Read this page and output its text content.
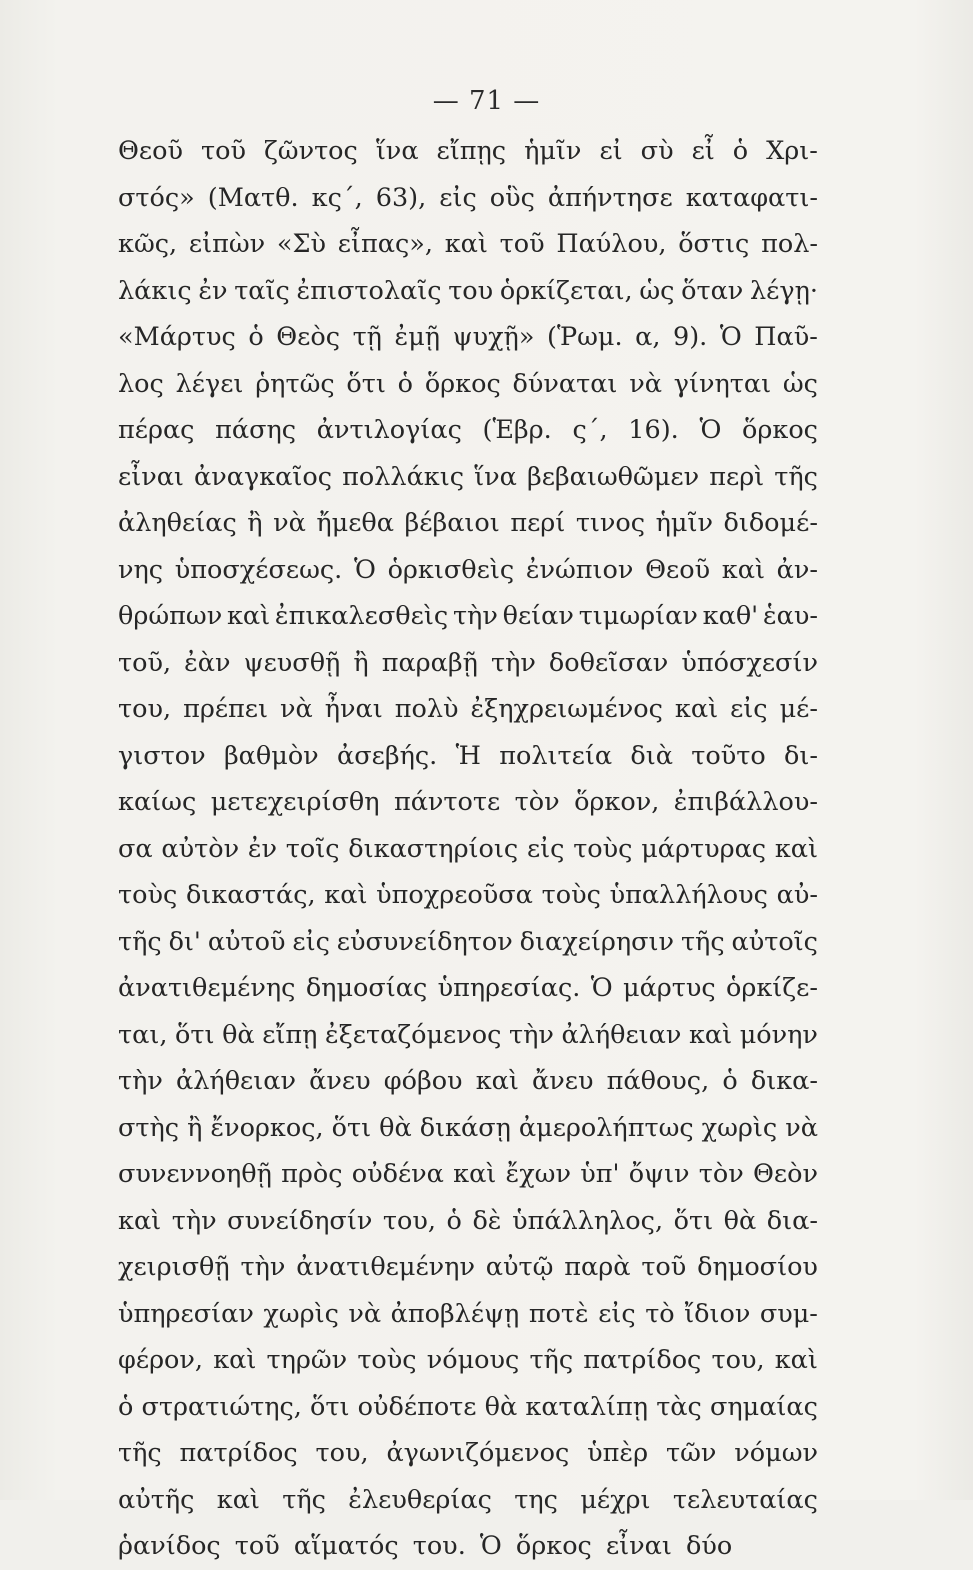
— 71 —
Θεοῦ τοῦ ζῶντος ἵνα εἴπῃς ἡμῖν εἰ σὺ εἶ ὁ Χρι-
στός» (Ματθ. κς΄, 63), εἰς οὓς ἀπήντησε καταφατι-
κῶς, εἰπὼν «Σὺ εἶπας», καὶ τοῦ Παύλου, ὅστις πολ-
λάκις ἐν ταῖς ἐπιστολαῖς του ὁρκίζεται, ὡς ὅταν λέγῃ·
«Μάρτυς ὁ Θεὸς τῇ ἐμῇ ψυχῇ» (Ῥωμ. α, 9). Ὁ Παῦ-
λος λέγει ῥητῶς ὅτι ὁ ὅρκος δύναται νὰ γίνηται ὡς
πέρας πάσης ἀντιλογίας (Ἑβρ. ς΄, 16). Ὁ ὅρκος
εἶναι ἀναγκαῖος πολλάκις ἵνα βεβαιωθῶμεν περὶ τῆς
ἀληθείας ἢ νὰ ἤμεθα βέβαιοι περί τινος ἡμῖν διδομέ-
νης ὑποσχέσεως. Ὁ ὁρκισθεὶς ἐνώπιον Θεοῦ καὶ ἀν-
θρώπων καὶ ἐπικαλεσθεὶς τὴν θείαν τιμωρίαν καθ' ἑαυ-
τοῦ, ἐὰν ψευσθῇ ἢ παραβῇ τὴν δοθεῖσαν ὑπόσχεσίν
του, πρέπει νὰ ἦναι πολὺ ἐξηχρειωμένος καὶ εἰς μέ-
γιστον βαθμὸν ἀσεβής. Ἡ πολιτεία διὰ τοῦτο δι-
καίως μετεχειρίσθη πάντοτε τὸν ὅρκον, ἐπιβάλλου-
σα αὐτὸν ἐν τοῖς δικαστηρίοις εἰς τοὺς μάρτυρας καὶ
τοὺς δικαστάς, καὶ ὑποχρεοῦσα τοὺς ὑπαλλήλους αὐ-
τῆς δι' αὐτοῦ εἰς εὐσυνείδητον διαχείρησιν τῆς αὐτοῖς
ἀνατιθεμένης δημοσίας ὑπηρεσίας. Ὁ μάρτυς ὁρκίζε-
ται, ὅτι θὰ εἴπῃ ἐξεταζόμενος τὴν ἀλήθειαν καὶ μόνην
τὴν ἀλήθειαν ἄνευ φόβου καὶ ἄνευ πάθους, ὁ δικα-
στὴς ἢ ἔνορκος, ὅτι θὰ δικάσῃ ἀμερολήπτως χωρὶς νὰ
συνεννοηθῇ πρὸς οὐδένα καὶ ἔχων ὑπ' ὄψιν τὸν Θεὸν
καὶ τὴν συνείδησίν του, ὁ δὲ ὑπάλληλος, ὅτι θὰ δια-
χειρισθῇ τὴν ἀνατιθεμένην αὐτῷ παρὰ τοῦ δημοσίου
ὑπηρεσίαν χωρὶς νὰ ἀποβλέψῃ ποτὲ εἰς τὸ ἴδιον συμ-
φέρον, καὶ τηρῶν τοὺς νόμους τῆς πατρίδος του, καὶ
ὁ στρατιώτης, ὅτι οὐδέποτε θὰ καταλίπῃ τὰς σημαίας
τῆς πατρίδος του, ἀγωνιζόμενος ὑπὲρ τῶν νόμων
αὐτῆς καὶ τῆς ἐλευθερίας της μέχρι τελευταίας
ῥανίδος τοῦ αἵματός του. Ὁ ὅρκος εἶναι δύο
